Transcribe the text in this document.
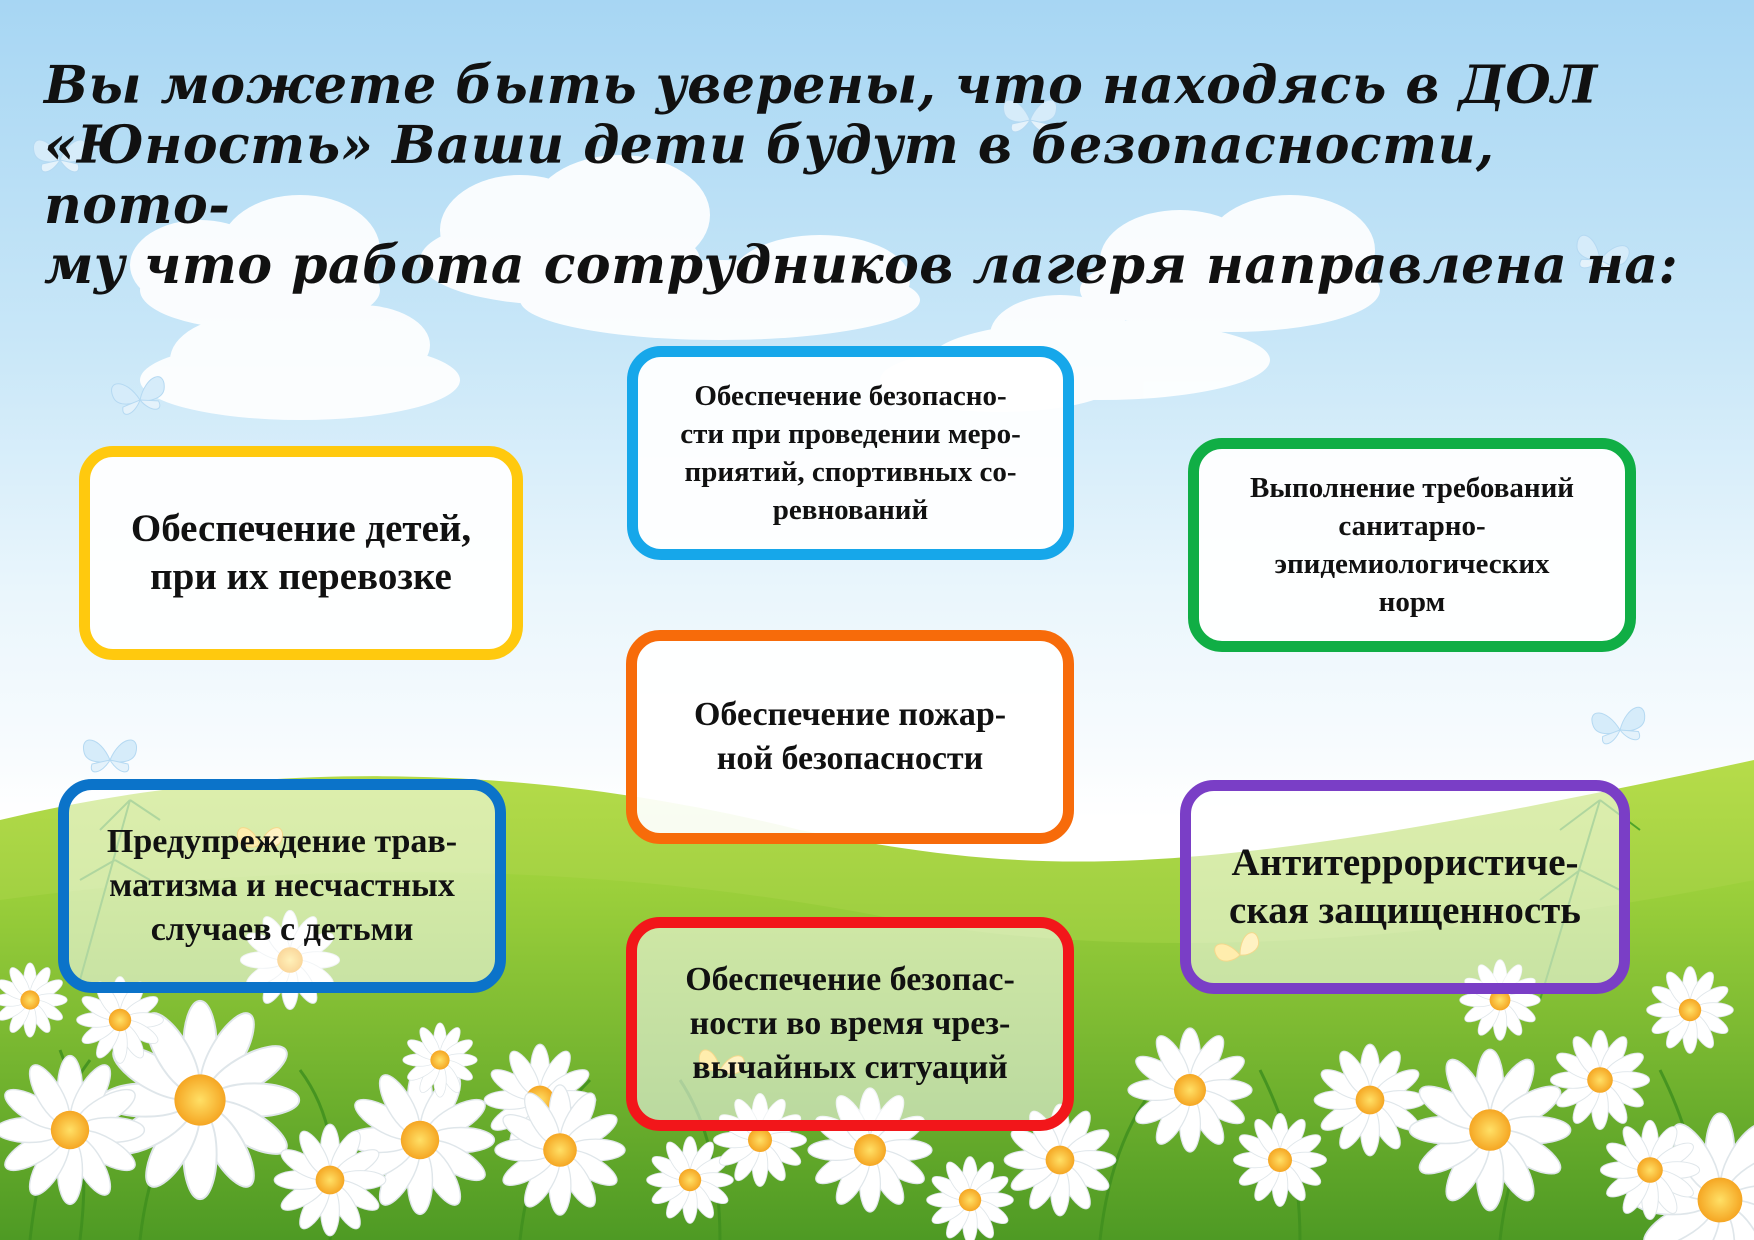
Вы можете быть уверены, что находясь в ДОЛ
«Юность» Ваши дети будут в безопасности, пото-
му что работа сотрудников лагеря направлена на:
Предупреждение трав-
матизма и несчастных
случаев с детьми
Обеспечение детей,
при их перевозке
Обеспечение безопасно-
сти при проведении меро-
приятий, спортивных со-
ревнований
Выполнение требований
санитарно-
эпидемиологических
норм
Обеспечение пожар-
ной безопасности
Антитеррористиче-
ская защищенность
Обеспечение безопас-
ности во время чрез-
вычайных ситуаций
